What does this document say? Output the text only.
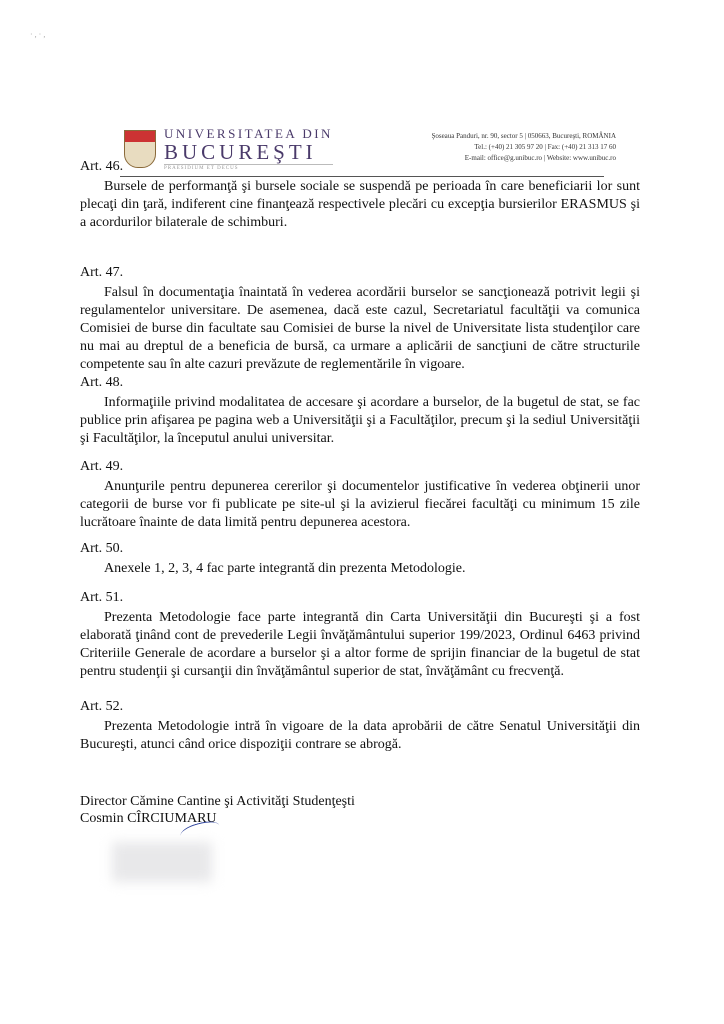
· , · ,
UNIVERSITATEA DIN
BUCUREŞTI
PRAESIDIUM ET DECUS
Şoseaua Panduri, nr. 90, sector 5 | 050663, Bucureşti, ROMÂNIA
Tel.: (+40) 21 305 97 20 | Fax: (+40) 21 313 17 60
E-mail: office@g.unibuc.ro | Website: www.unibuc.ro
Art. 46.

Bursele de performanţă şi bursele sociale se suspendă pe perioada în care beneficiarii lor sunt plecaţi din ţară, indiferent cine finanţează respectivele plecări cu excepţia bursierilor ERASMUS şi a acordurilor bilaterale de schimburi.

Art. 47.

Falsul în documentaţia înaintată în vederea acordării burselor se sancţionează potrivit legii şi regulamentelor universitare. De asemenea, dacă este cazul, Secretariatul facultăţii va comunica Comisiei de burse din facultate sau Comisiei de burse la nivel de Universitate lista studenţilor care nu mai au dreptul de a beneficia de bursă, ca urmare a aplicării de sancţiuni de către structurile competente sau în alte cazuri prevăzute de reglementările în vigoare.

Art. 48.

Informaţiile privind modalitatea de accesare şi acordare a burselor, de la bugetul de stat, se fac publice prin afişarea pe pagina web a Universităţii şi a Facultăţilor, precum şi la sediul Universităţii şi Facultăţilor, la începutul anului universitar.

Art. 49.

Anunţurile pentru depunerea cererilor şi documentelor justificative în vederea obţinerii unor categorii de burse vor fi publicate pe site-ul şi la avizierul fiecărei facultăţi cu minimum 15 zile lucrătoare înainte de data limită pentru depunerea acestora.

Art. 50.

Anexele 1, 2, 3, 4 fac parte integrantă din prezenta Metodologie.

Art. 51.

Prezenta Metodologie face parte integrantă din Carta Universităţii din Bucureşti şi a fost elaborată ţinând cont de prevederile Legii învăţământului superior 199/2023, Ordinul 6463 privind Criteriile Generale de acordare a burselor şi a altor forme de sprijin financiar de la bugetul de stat pentru studenţii şi cursanţii din învăţământul superior de stat, învăţământ cu frecvenţă.

Art. 52.

Prezenta Metodologie intră în vigoare de la data aprobării de către Senatul Universităţii din Bucureşti, atunci când orice dispoziţii contrare se abrogă.

Director Cămine Cantine şi Activităţi Studenţeşti
Cosmin CÎRCIUMARU
